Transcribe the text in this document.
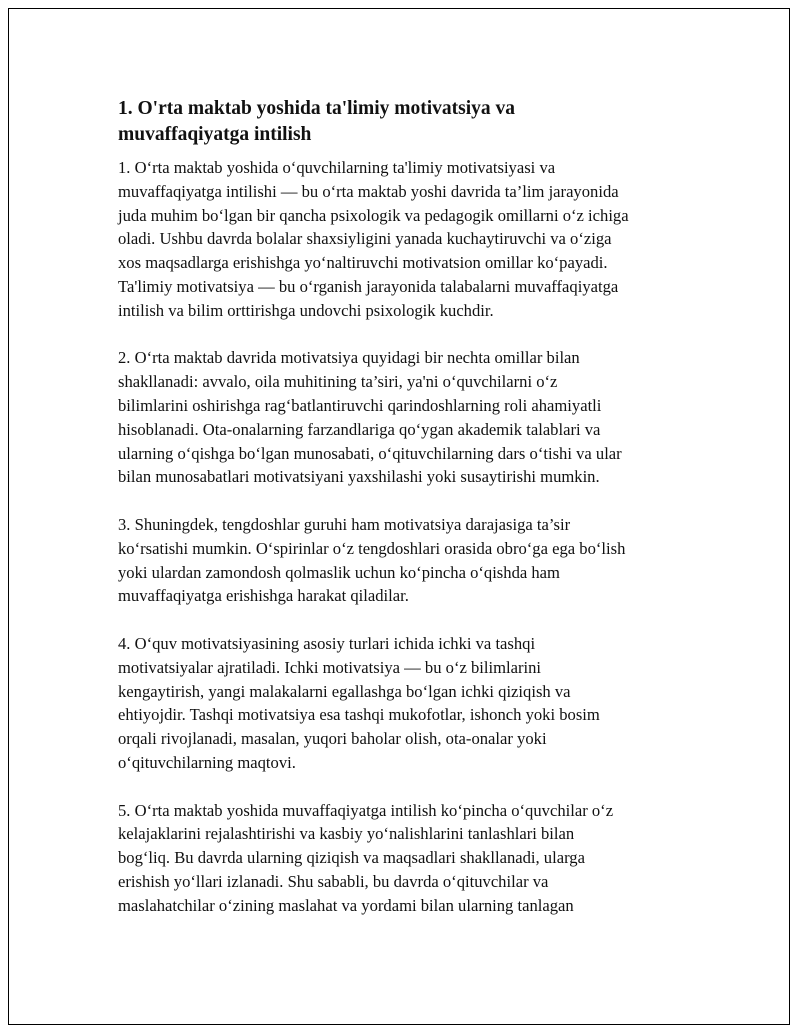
1. O'rta maktab yoshida ta'limiy motivatsiya va
muvaffaqiyatga intilish

1. O‘rta maktab yoshida o‘quvchilarning ta'limiy motivatsiyasi va
muvaffaqiyatga intilishi — bu o‘rta maktab yoshi davrida ta’lim jarayonida
juda muhim bo‘lgan bir qancha psixologik va pedagogik omillarni o‘z ichiga
oladi. Ushbu davrda bolalar shaxsiyligini yanada kuchaytiruvchi va o‘ziga
xos maqsadlarga erishishga yo‘naltiruvchi motivatsion omillar ko‘payadi.
Ta'limiy motivatsiya — bu o‘rganish jarayonida talabalarni muvaffaqiyatga
intilish va bilim orttirishga undovchi psixologik kuchdir.

2. O‘rta maktab davrida motivatsiya quyidagi bir nechta omillar bilan
shakllanadi: avvalo, oila muhitining ta’siri, ya'ni o‘quvchilarni o‘z
bilimlarini oshirishga rag‘batlantiruvchi qarindoshlarning roli ahamiyatli
hisoblanadi. Ota-onalarning farzandlariga qo‘ygan akademik talablari va
ularning o‘qishga bo‘lgan munosabati, o‘qituvchilarning dars o‘tishi va ular
bilan munosabatlari motivatsiyani yaxshilashi yoki susaytirishi mumkin.

3. Shuningdek, tengdoshlar guruhi ham motivatsiya darajasiga ta’sir
ko‘rsatishi mumkin. O‘spirinlar o‘z tengdoshlari orasida obro‘ga ega bo‘lish
yoki ulardan zamondosh qolmaslik uchun ko‘pincha o‘qishda ham
muvaffaqiyatga erishishga harakat qiladilar.

4. O‘quv motivatsiyasining asosiy turlari ichida ichki va tashqi
motivatsiyalar ajratiladi. Ichki motivatsiya — bu o‘z bilimlarini
kengaytirish, yangi malakalarni egallashga bo‘lgan ichki qiziqish va
ehtiyojdir. Tashqi motivatsiya esa tashqi mukofotlar, ishonch yoki bosim
orqali rivojlanadi, masalan, yuqori baholar olish, ota-onalar yoki
o‘qituvchilarning maqtovi.

5. O‘rta maktab yoshida muvaffaqiyatga intilish ko‘pincha o‘quvchilar o‘z
kelajaklarini rejalashtirishi va kasbiy yo‘nalishlarini tanlashlari bilan
bog‘liq. Bu davrda ularning qiziqish va maqsadlari shakllanadi, ularga
erishish yo‘llari izlanadi. Shu sababli, bu davrda o‘qituvchilar va
maslahatchilar o‘zining maslahat va yordami bilan ularning tanlagan
